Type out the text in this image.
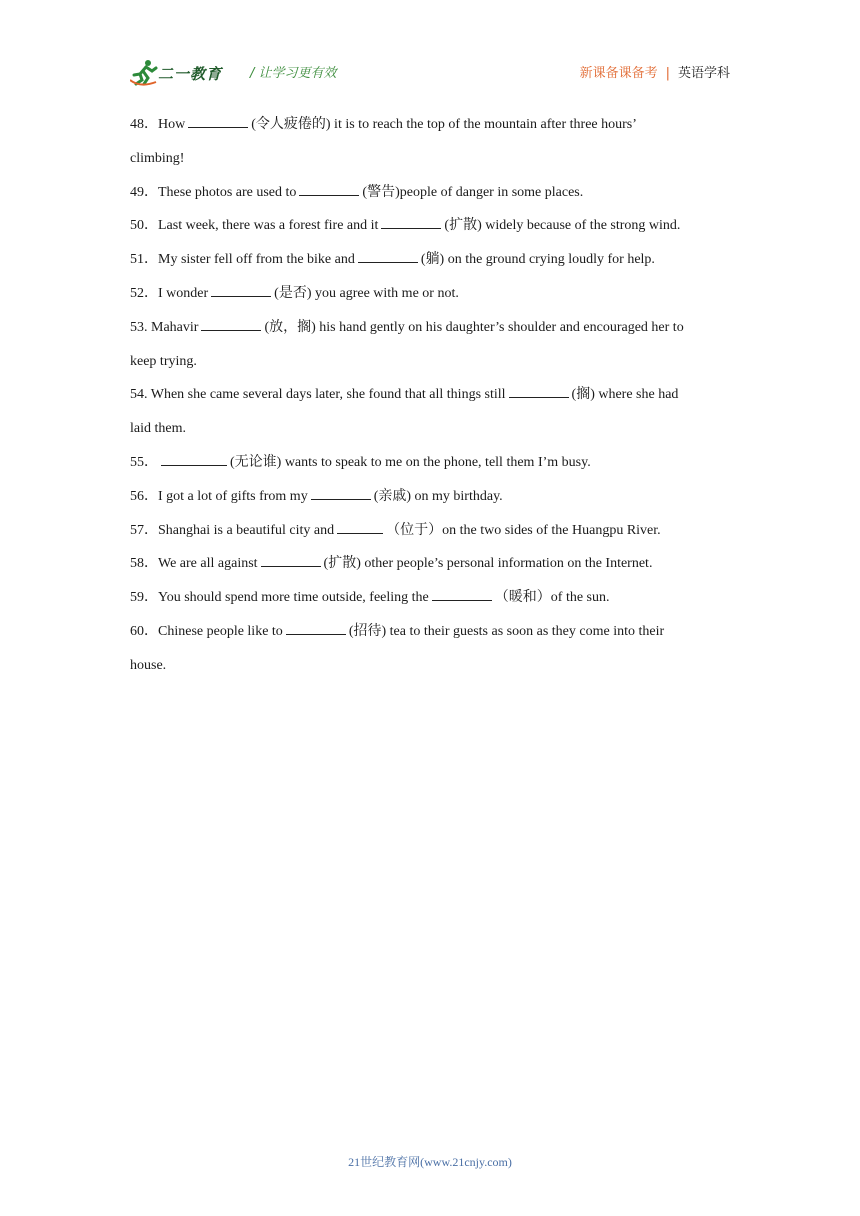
二一教育 / 让学习更有效	新课备课备考 | 英语学科

48．How	(令人疲倦的) it is to reach the top of the mountain after three hours’

climbing!

49．These photos are used to	(警告)people of danger in some places.

50．Last week, there was a forest fire and it	(扩散) widely because of the strong wind.

51．My sister fell off from the bike and	(躺) on the ground crying loudly for help.

52．I wonder	(是否) you agree with me or not.

53. Mahavir	(放，搁) his hand gently on his daughter’s shoulder and encouraged her to

keep trying.

54. When she came several days later, she found that all things still	(搁) where she had

laid them.

55．	(无论谁) wants to speak to me on the phone, tell them I’m busy.

56．I got a lot of gifts from my	(亲戚) on my birthday.

57．Shanghai is a beautiful city and	（位于）on the two sides of the Huangpu River.

58．We are all against	(扩散) other people’s personal information on the Internet.

59．You should spend more time outside, feeling the	（暖和）of the sun.

60．Chinese people like to	(招待) tea to their guests as soon as they come into their

house.

21世纪教育网(www.21cnjy.com)
